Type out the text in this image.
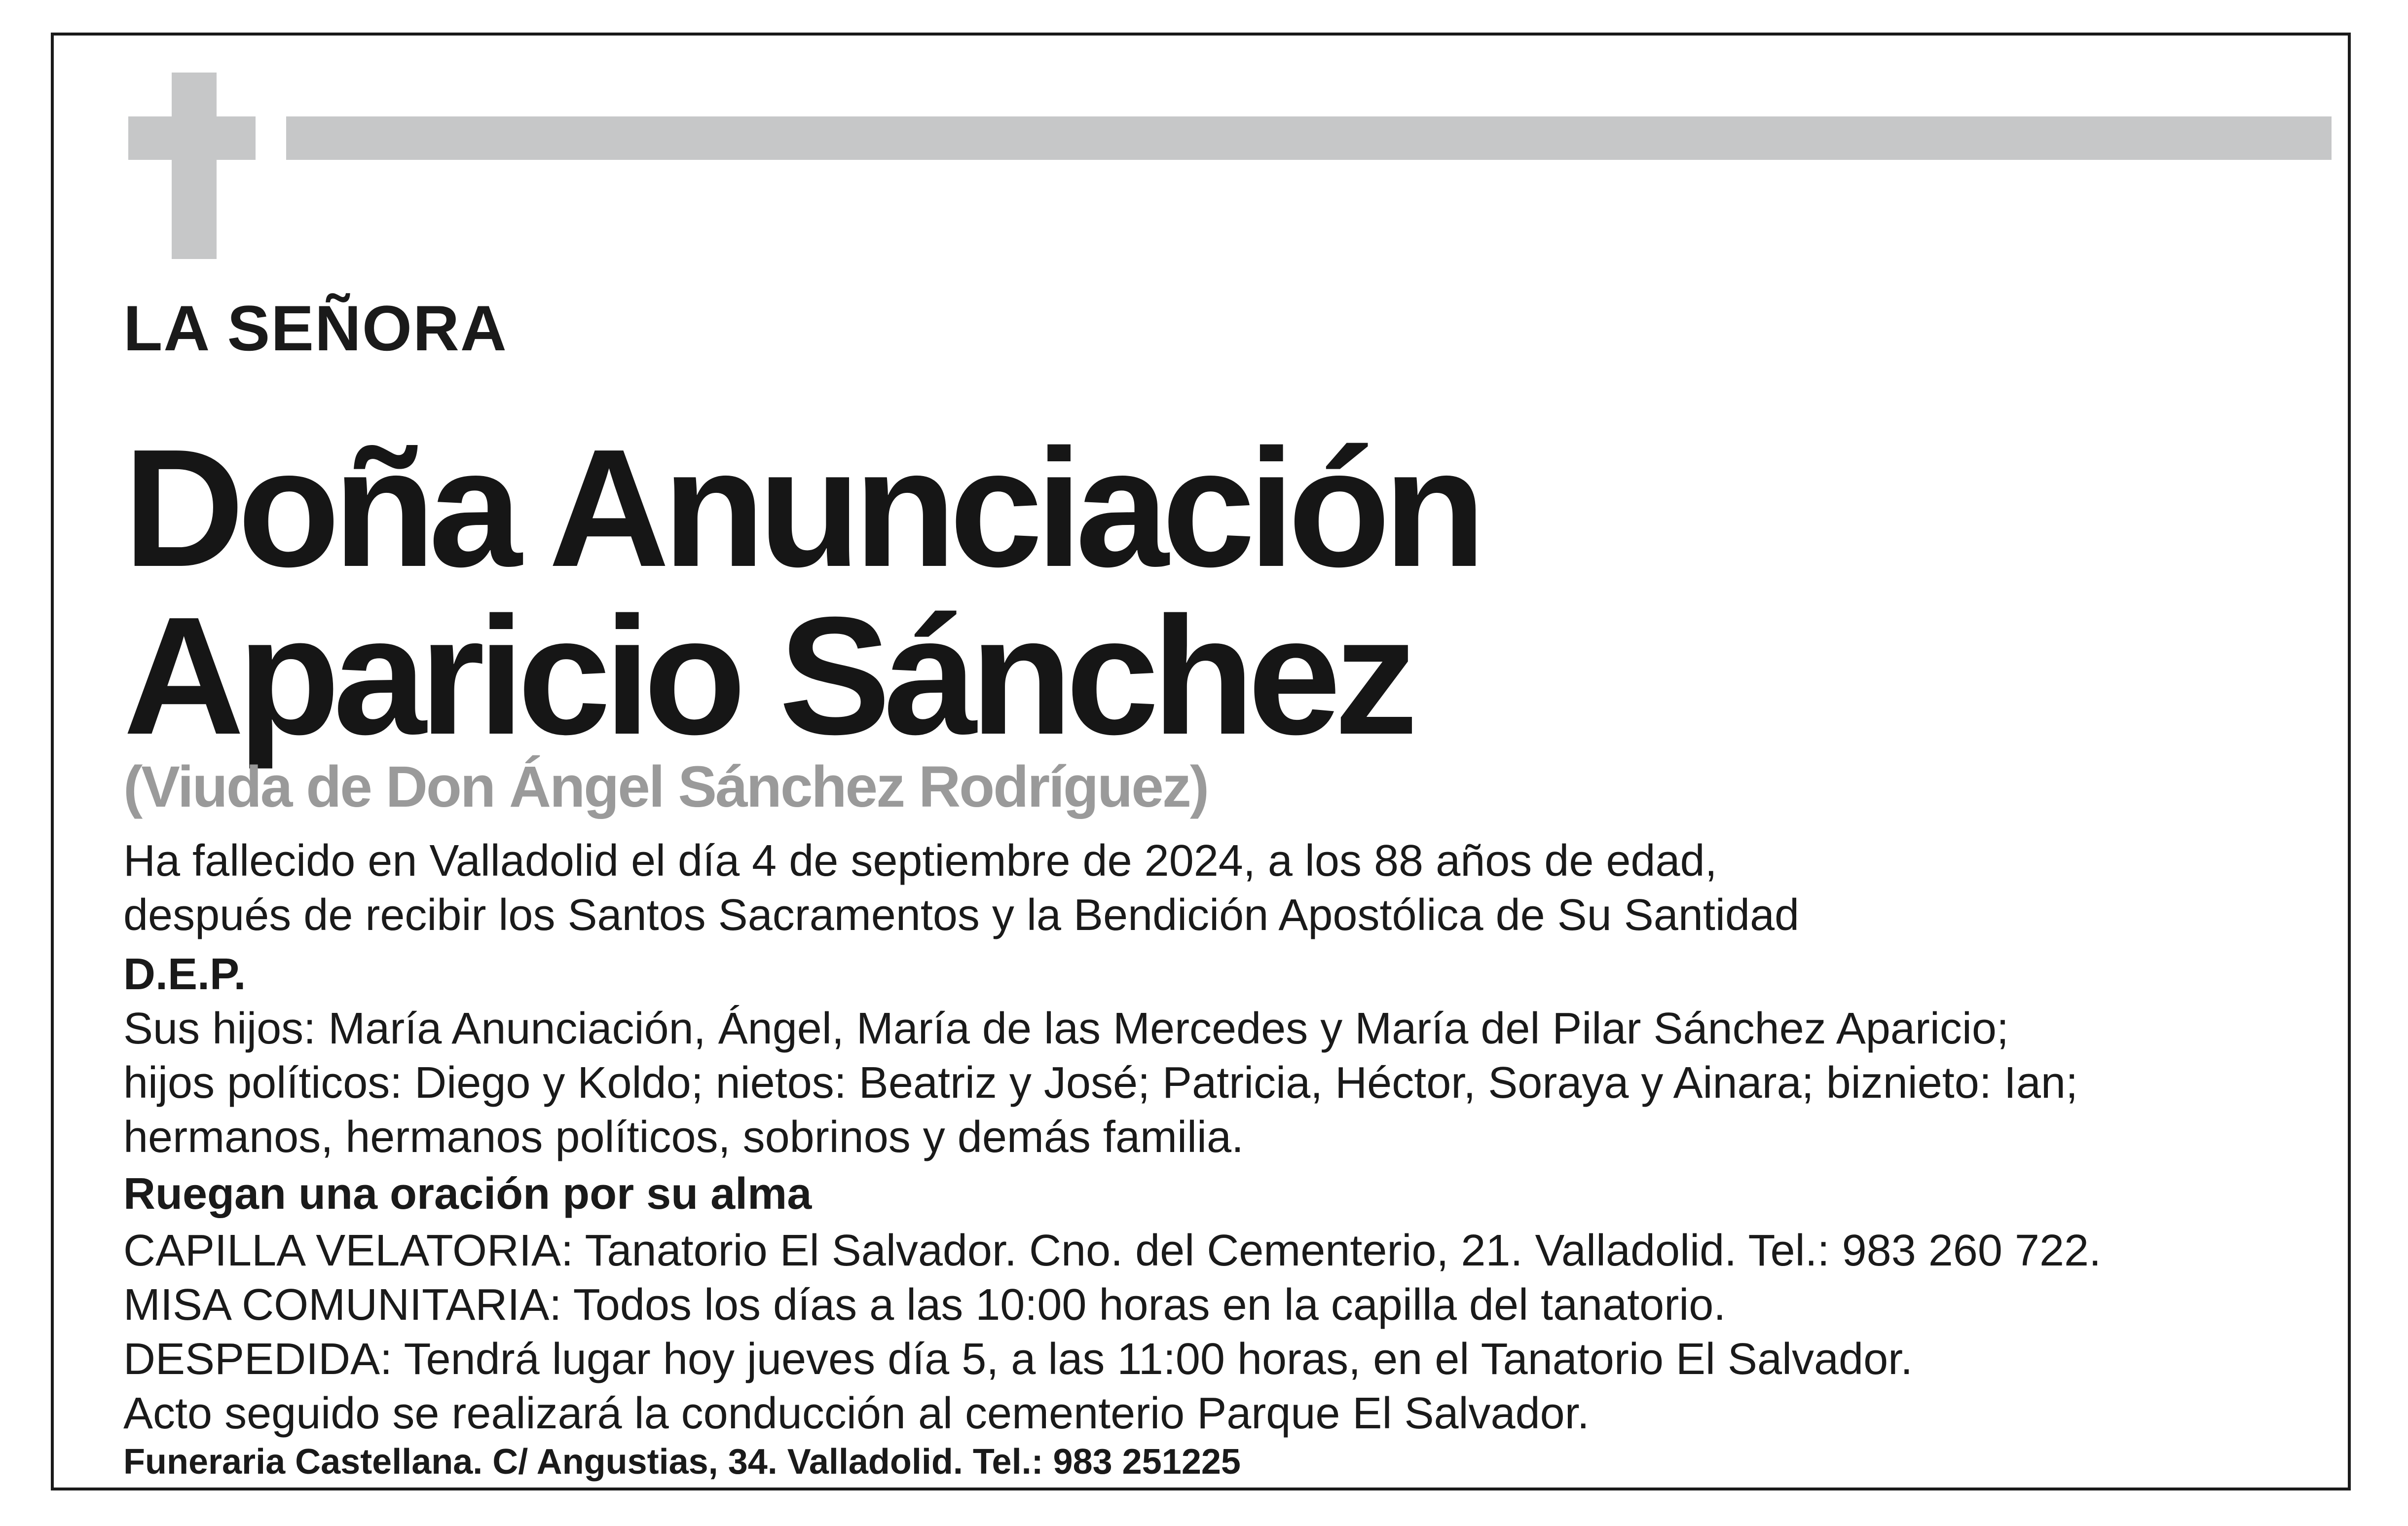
LA SEÑORA

Doña Anunciación

Aparicio Sánchez

(Viuda de Don Ángel Sánchez Rodríguez)

Ha fallecido en Valladolid el día 4 de septiembre de 2024, a los 88 años de edad,

después de recibir los Santos Sacramentos y la Bendición Apostólica de Su Santidad

D.E.P.

Sus hijos: María Anunciación, Ángel, María de las Mercedes y María del Pilar Sánchez Aparicio;

hijos políticos: Diego y Koldo; nietos: Beatriz y José; Patricia, Héctor, Soraya y Ainara; biznieto: Ian;

hermanos, hermanos políticos, sobrinos y demás familia.

Ruegan una oración por su alma

CAPILLA VELATORIA: Tanatorio El Salvador. Cno. del Cementerio, 21. Valladolid. Tel.: 983 260 722.

MISA COMUNITARIA: Todos los días a las 10:00 horas en la capilla del tanatorio.

DESPEDIDA: Tendrá lugar hoy jueves día 5, a las 11:00 horas, en el Tanatorio El Salvador.

Acto seguido se realizará la conducción al cementerio Parque El Salvador.

Funeraria Castellana. C/ Angustias, 34. Valladolid. Tel.: 983 251225
